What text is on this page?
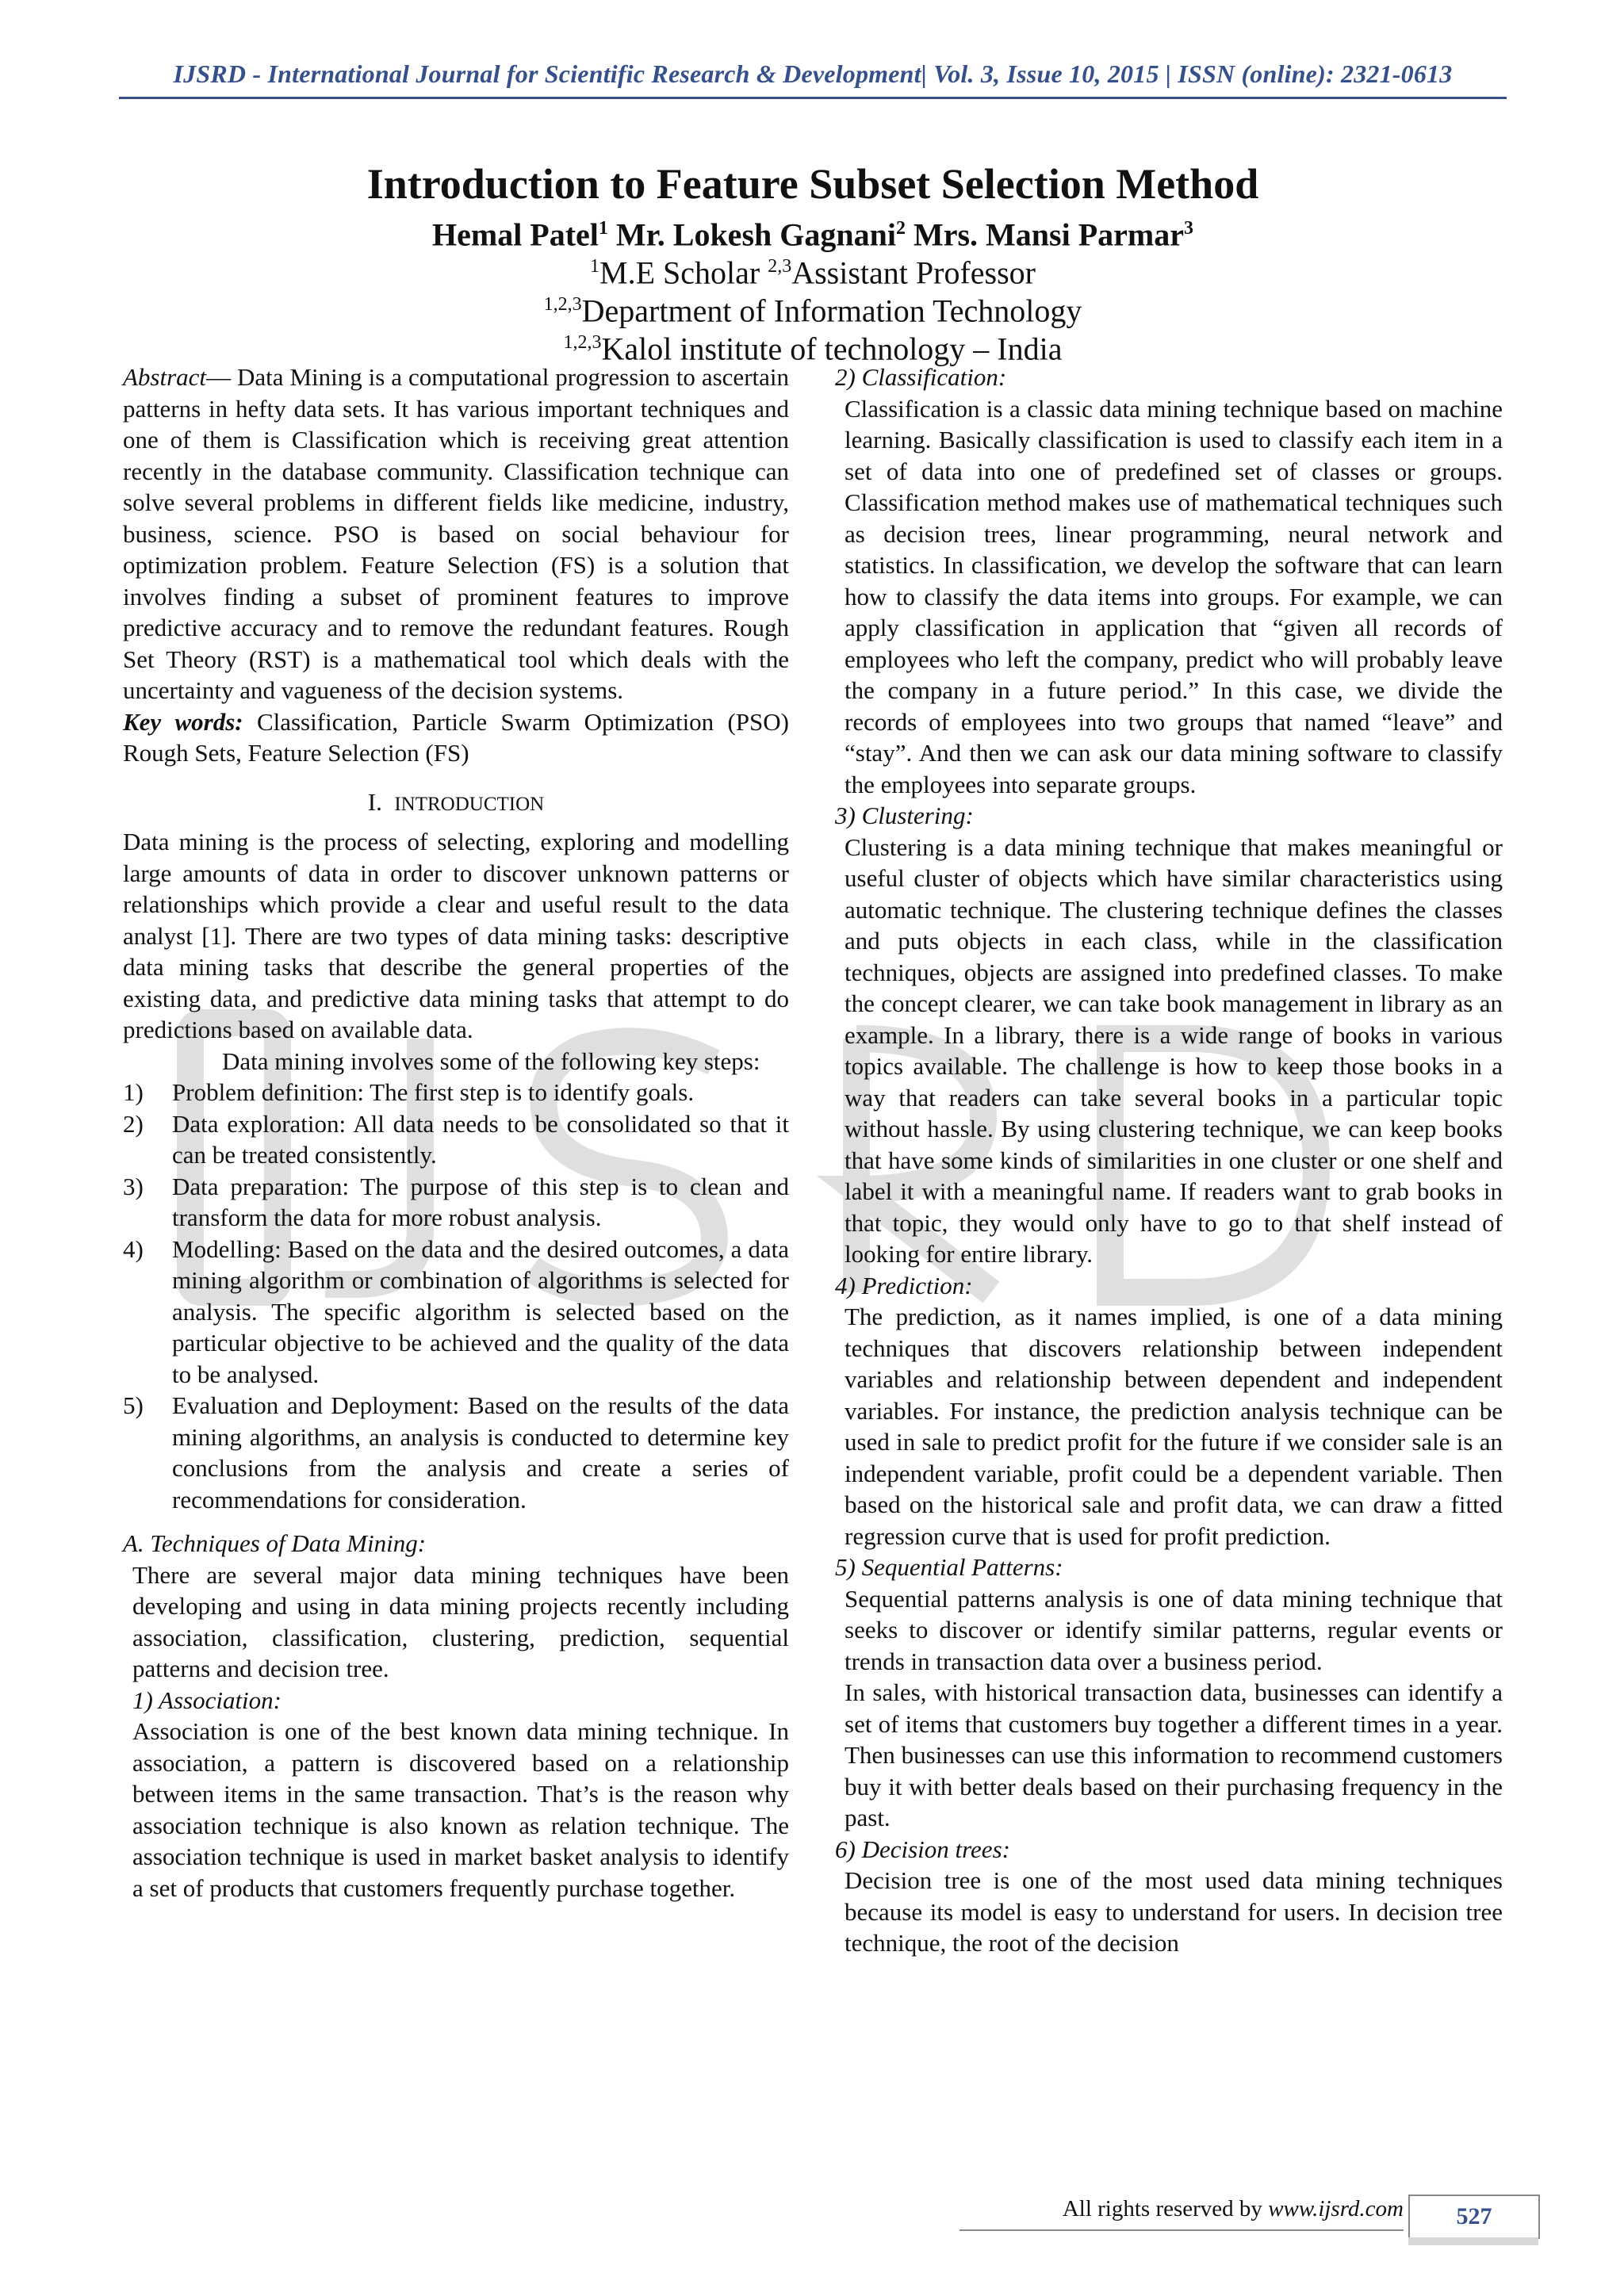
IJSRD - International Journal for Scientific Research & Development| Vol. 3, Issue 10, 2015 | ISSN (online): 2321-0613
Introduction to Feature Subset Selection Method
Hemal Patel$^1$ Mr. Lokesh Gagnani$^2$ Mrs. Mansi Parmar$^3$
$^1$M.E Scholar $^{2,3}$Assistant Professor
$^{1,2,3}$Department of Information Technology
$^{1,2,3}$Kalol institute of technology – India

Abstract— Data Mining is a computational progression to ascertain patterns in hefty data sets. It has various important techniques and one of them is Classification which is receiving great attention recently in the database community. Classification technique can solve several problems in different fields like medicine, industry, business, science. PSO is based on social behaviour for optimization problem. Feature Selection (FS) is a solution that involves finding a subset of prominent features to improve predictive accuracy and to remove the redundant features. Rough Set Theory (RST) is a mathematical tool which deals with the uncertainty and vagueness of the decision systems.

Key words: Classification, Particle Swarm Optimization (PSO) Rough Sets, Feature Selection (FS)

I. INTRODUCTION

Data mining is the process of selecting, exploring and modelling large amounts of data in order to discover unknown patterns or relationships which provide a clear and useful result to the data analyst [1]. There are two types of data mining tasks: descriptive data mining tasks that describe the general properties of the existing data, and predictive data mining tasks that attempt to do predictions based on available data.

Data mining involves some of the following key steps:

1) Problem definition: The first step is to identify goals.
2) Data exploration: All data needs to be consolidated so that it can be treated consistently.
3) Data preparation: The purpose of this step is to clean and transform the data for more robust analysis.
4) Modelling: Based on the data and the desired outcomes, a data mining algorithm or combination of algorithms is selected for analysis. The specific algorithm is selected based on the particular objective to be achieved and the quality of the data to be analysed.
5) Evaluation and Deployment: Based on the results of the data mining algorithms, an analysis is conducted to determine key conclusions from the analysis and create a series of recommendations for consideration.

A. Techniques of Data Mining:

There are several major data mining techniques have been developing and using in data mining projects recently including association, classification, clustering, prediction, sequential patterns and decision tree.

1) Association:

Association is one of the best known data mining technique. In association, a pattern is discovered based on a relationship between items in the same transaction. That’s is the reason why association technique is also known as relation technique. The association technique is used in market basket analysis to identify a set of products that customers frequently purchase together.

2) Classification:

Classification is a classic data mining technique based on machine learning. Basically classification is used to classify each item in a set of data into one of predefined set of classes or groups. Classification method makes use of mathematical techniques such as decision trees, linear programming, neural network and statistics. In classification, we develop the software that can learn how to classify the data items into groups. For example, we can apply classification in application that “given all records of employees who left the company, predict who will probably leave the company in a future period.” In this case, we divide the records of employees into two groups that named “leave” and “stay”. And then we can ask our data mining software to classify the employees into separate groups.

3) Clustering:

Clustering is a data mining technique that makes meaningful or useful cluster of objects which have similar characteristics using automatic technique. The clustering technique defines the classes and puts objects in each class, while in the classification techniques, objects are assigned into predefined classes. To make the concept clearer, we can take book management in library as an example. In a library, there is a wide range of books in various topics available. The challenge is how to keep those books in a way that readers can take several books in a particular topic without hassle. By using clustering technique, we can keep books that have some kinds of similarities in one cluster or one shelf and label it with a meaningful name. If readers want to grab books in that topic, they would only have to go to that shelf instead of looking for entire library.

4) Prediction:

The prediction, as it names implied, is one of a data mining techniques that discovers relationship between independent variables and relationship between dependent and independent variables. For instance, the prediction analysis technique can be used in sale to predict profit for the future if we consider sale is an independent variable, profit could be a dependent variable. Then based on the historical sale and profit data, we can draw a fitted regression curve that is used for profit prediction.

5) Sequential Patterns:

Sequential patterns analysis is one of data mining technique that seeks to discover or identify similar patterns, regular events or trends in transaction data over a business period.

In sales, with historical transaction data, businesses can identify a set of items that customers buy together a different times in a year. Then businesses can use this information to recommend customers buy it with better deals based on their purchasing frequency in the past.

6) Decision trees:

Decision tree is one of the most used data mining techniques because its model is easy to understand for users. In decision tree technique, the root of the decision

All rights reserved by www.ijsrd.com	527
